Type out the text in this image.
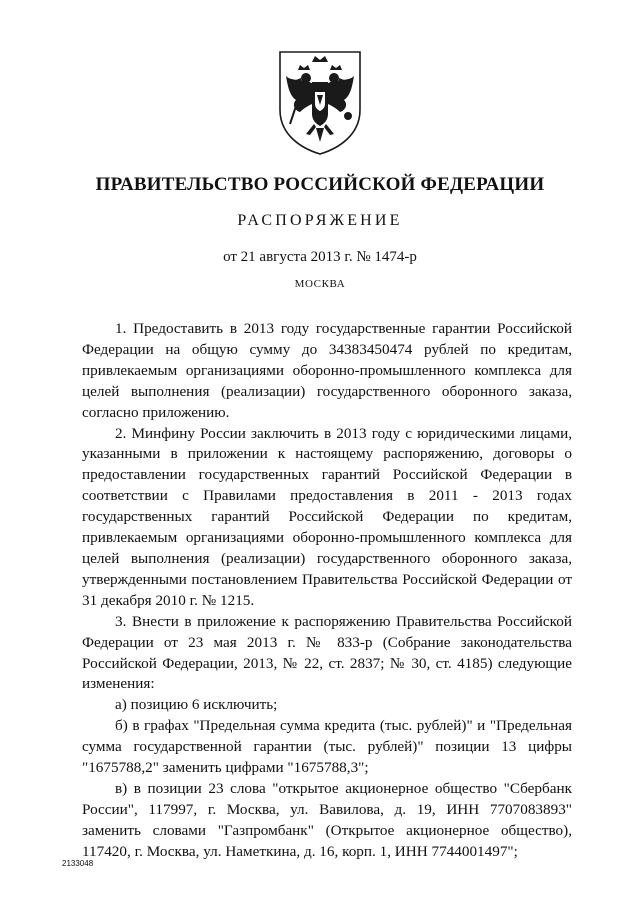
ПРАВИТЕЛЬСТВО РОССИЙСКОЙ ФЕДЕРАЦИИ
РАСПОРЯЖЕНИЕ
от 21 августа 2013 г. № 1474-р
МОСКВА

1. Предоставить в 2013 году государственные гарантии Российской Федерации на общую сумму до 34383450474 рублей по кредитам, привлекаемым организациями оборонно-промышленного комплекса для целей выполнения (реализации) государственного оборонного заказа, согласно приложению.

2. Минфину России заключить в 2013 году с юридическими лицами, указанными в приложении к настоящему распоряжению, договоры о предоставлении государственных гарантий Российской Федерации в соответствии с Правилами предоставления в 2011 - 2013 годах государственных гарантий Российской Федерации по кредитам, привлекаемым организациями оборонно-промышленного комплекса для целей выполнения (реализации) государственного оборонного заказа, утвержденными постановлением Правительства Российской Федерации от 31 декабря 2010 г. № 1215.

3. Внести в приложение к распоряжению Правительства Российской Федерации от 23 мая 2013 г. № 833-р (Собрание законодательства Российской Федерации, 2013, № 22, ст. 2837; № 30, ст. 4185) следующие изменения:

а) позицию 6 исключить;

б) в графах "Предельная сумма кредита (тыс. рублей)" и "Предельная сумма государственной гарантии (тыс. рублей)" позиции 13 цифры "1675788,2" заменить цифрами "1675788,3";

в) в позиции 23 слова "открытое акционерное общество "Сбербанк России", 117997, г. Москва, ул. Вавилова, д. 19, ИНН 7707083893" заменить словами "Газпромбанк" (Открытое акционерное общество), 117420, г. Москва, ул. Наметкина, д. 16, корп. 1, ИНН 7744001497";

2133048
